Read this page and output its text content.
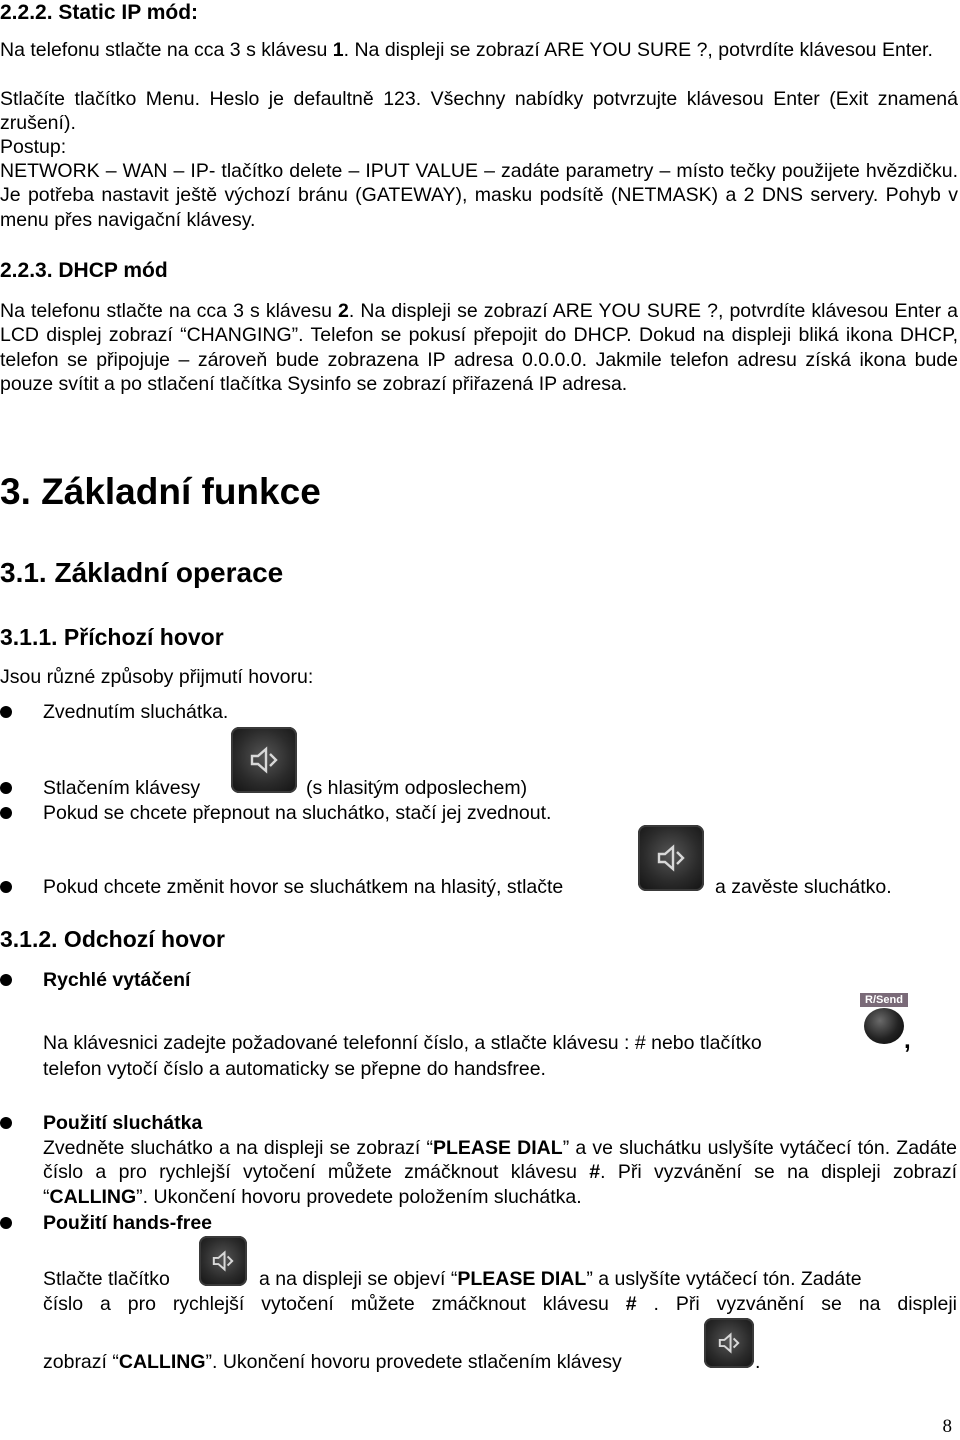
2.2.2. Static IP mód:

Na telefonu stlačte na cca 3 s klávesu 1. Na displeji se zobrazí ARE YOU SURE ?, potvrdíte klávesou Enter.

Stlačíte tlačítko Menu. Heslo je defaultně 123. Všechny nabídky potvrzujte klávesou Enter (Exit znamená zrušení).

Postup:

NETWORK – WAN – IP- tlačítko delete – IPUT VALUE – zadáte parametry – místo tečky použijete hvězdičku. Je potřeba nastavit ještě výchozí bránu (GATEWAY), masku podsítě (NETMASK) a 2 DNS servery. Pohyb v menu přes navigační klávesy.

2.2.3. DHCP mód

Na telefonu stlačte na cca 3 s klávesu 2. Na displeji se zobrazí ARE YOU SURE ?, potvrdíte klávesou Enter a LCD displej zobrazí “CHANGING”. Telefon se pokusí přepojit do DHCP. Dokud na displeji bliká ikona DHCP, telefon se připojuje – zároveň bude zobrazena IP adresa 0.0.0.0. Jakmile telefon adresu získá ikona bude pouze svítit a po stlačení tlačítka Sysinfo se zobrazí přiřazená IP adresa.

3. Základní funkce
3.1. Základní operace
3.1.1. Příchozí hovor

Jsou různé způsoby přijmutí hovoru:

Zvednutím sluchátka.
Stlačením klávesy	(s hlasitým odposlechem)
Pokud se chcete přepnout na sluchátko, stačí jej zvednout.
Pokud chcete změnit hovor se sluchátkem na hlasitý, stlačte	a zavěste sluchátko.
3.1.2. Odchozí hovor
Rychlé vytáčení
Na klávesnici zadejte požadované telefonní číslo, a stlačte klávesu : # nebo tlačítko
R/Send
,
telefon vytočí číslo a automaticky se přepne do handsfree.
Použití sluchátka

Zvedněte sluchátko a na displeji se zobrazí “PLEASE DIAL” a ve sluchátku uslyšíte vytáčecí tón. Zadáte číslo a pro rychlejší vytočení můžete zmáčknout klávesu #. Při vyzvánění se na displeji zobrazí “CALLING”. Ukončení hovoru provedete položením sluchátka.

Použití hands-free
Stlačte tlačítko	a na displeji se objeví “PLEASE DIAL” a uslyšíte vytáčecí tón. Zadáte

číslo a pro rychlejší vytočení můžete zmáčknout klávesu # . Při vyzvánění se na displeji

zobrazí “CALLING”. Ukončení hovoru provedete stlačením klávesy	.
8
